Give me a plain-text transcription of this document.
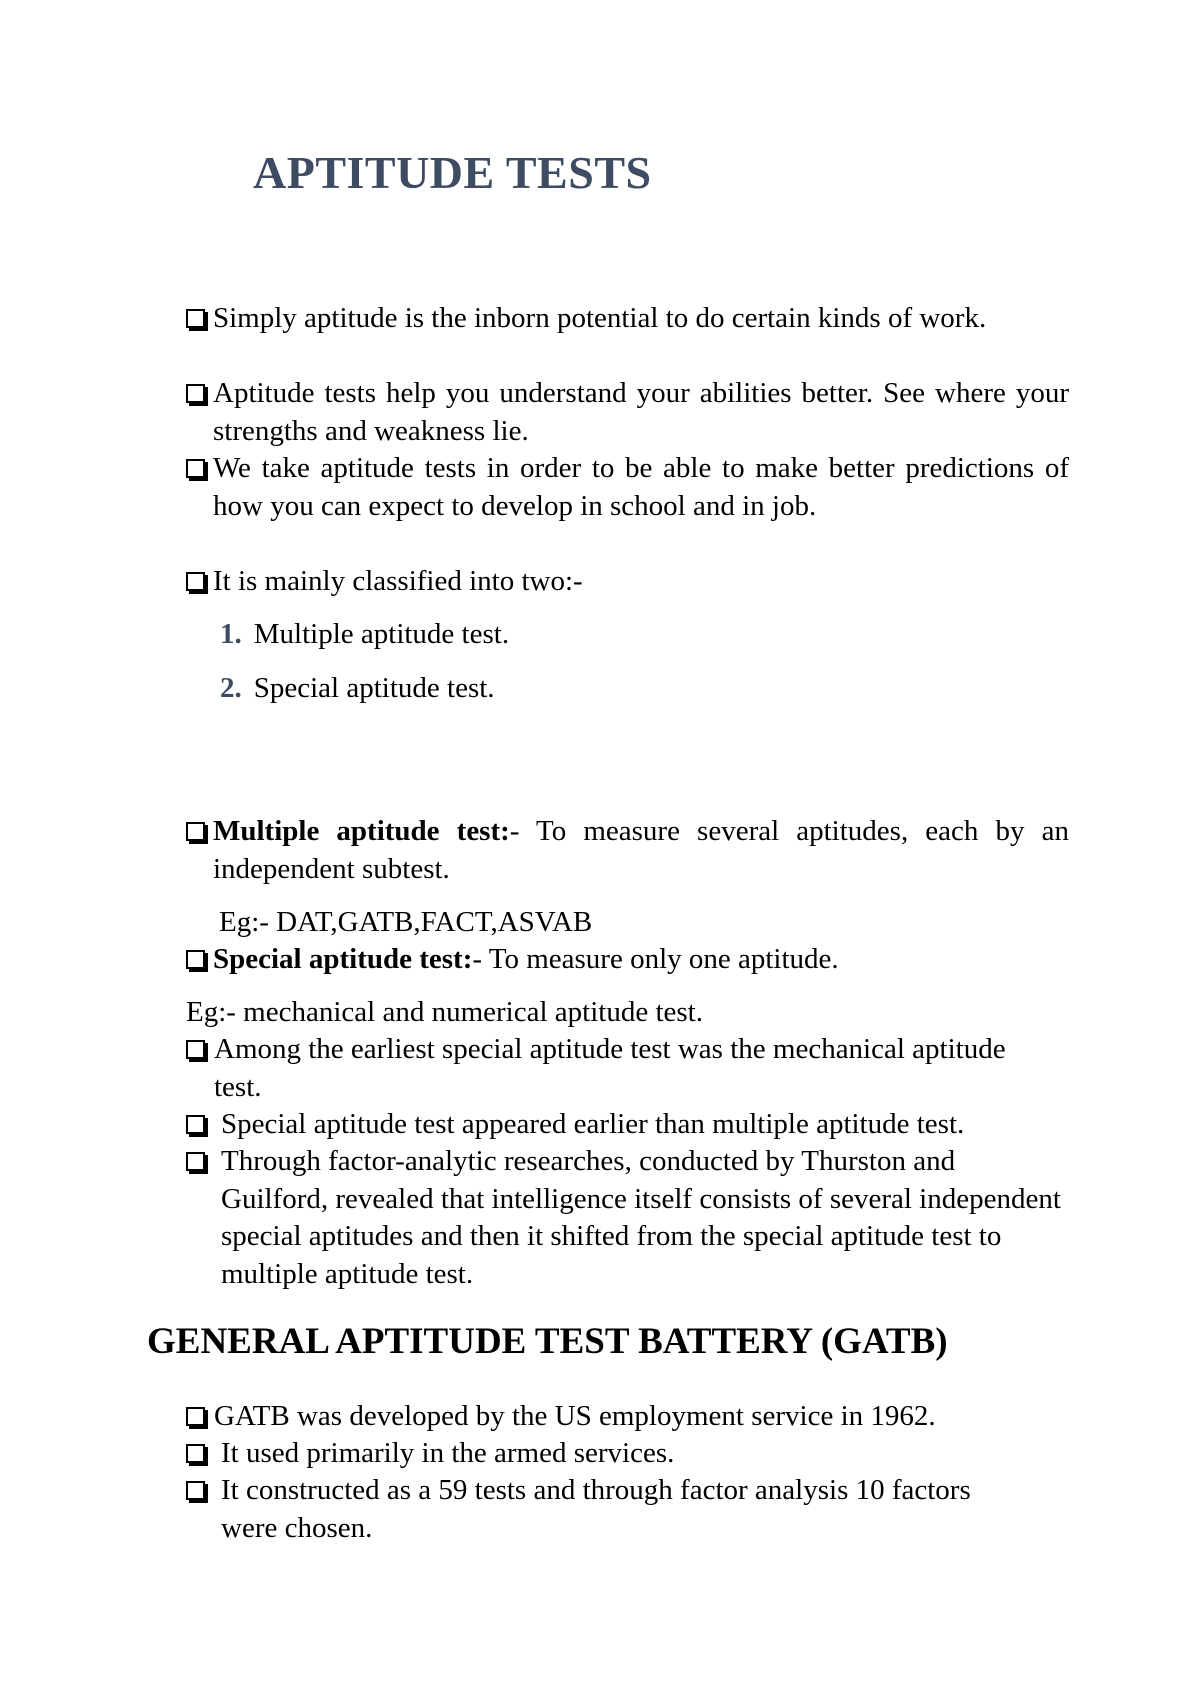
APTITUDE TESTS
Simply aptitude is the inborn potential to do certain kinds of work.
Aptitude tests help you understand your abilities better. See where your strengths and weakness lie.
We take aptitude tests in order to be able to make better predictions of how you can expect to develop in school and in job.
It is mainly classified into two:-
1. Multiple aptitude test.
2. Special aptitude test.
Multiple aptitude test:- To measure several aptitudes, each by an independent subtest.
Eg:- DAT,GATB,FACT,ASVAB
Special aptitude test:- To measure only one aptitude.
Eg:- mechanical and numerical aptitude test.
Among the earliest special aptitude test was the mechanical aptitude test.
Special aptitude test appeared earlier than multiple aptitude test.
Through factor-analytic researches, conducted by Thurston and Guilford, revealed that intelligence itself consists of several independent special aptitudes and then it shifted from the special aptitude test to multiple aptitude test.
GENERAL APTITUDE TEST BATTERY (GATB)
GATB was developed by the US employment service in 1962.
It used primarily in the armed services.
It constructed as a 59 tests and through factor analysis 10 factors were chosen.
